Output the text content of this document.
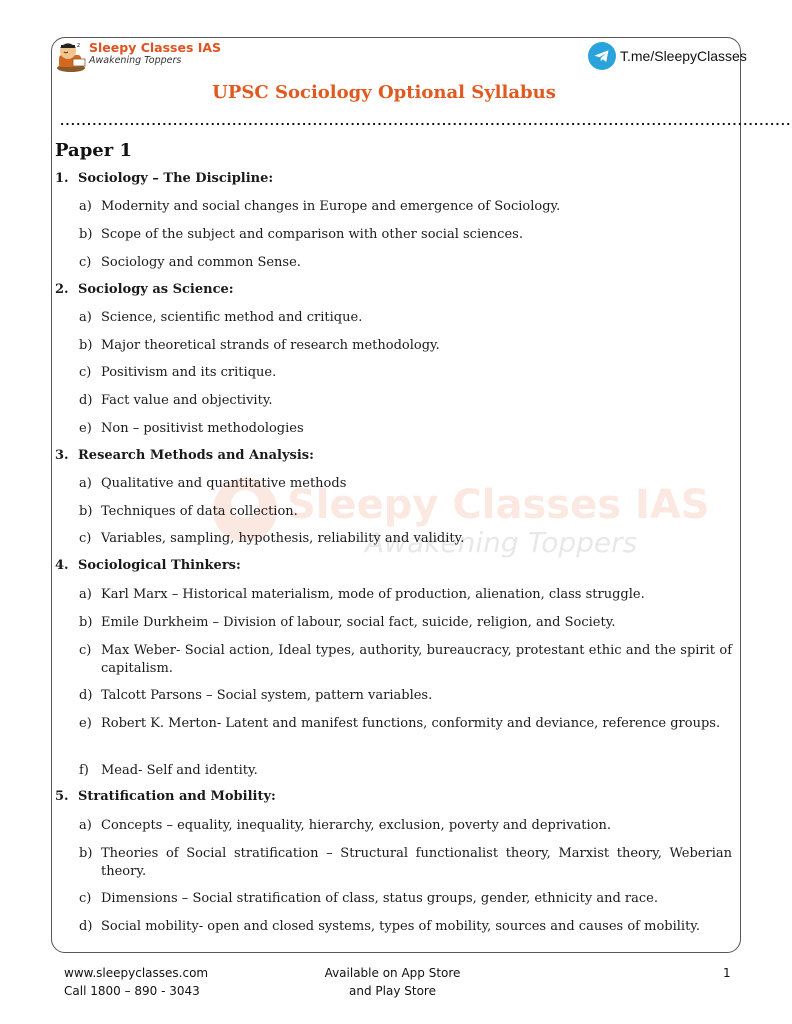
Sleepy Classes IAS
Awakening Toppers
z Sleepy Classes IAS
Awakening Toppers	T.me/SleepyClasses
UPSC Sociology Optional Syllabus
........................................................................................................................................
Paper 1
1. Sociology – The Discipline:
a) Modernity and social changes in Europe and emergence of Sociology.
b) Scope of the subject and comparison with other social sciences.
c) Sociology and common Sense.
2. Sociology as Science:
a) Science, scientific method and critique.
b) Major theoretical strands of research methodology.
c) Positivism and its critique.
d) Fact value and objectivity.
e) Non – positivist methodologies
3. Research Methods and Analysis:
a) Qualitative and quantitative methods
b) Techniques of data collection.
c) Variables, sampling, hypothesis, reliability and validity.
4. Sociological Thinkers:
a) Karl Marx – Historical materialism, mode of production, alienation, class struggle.
b) Emile Durkheim – Division of labour, social fact, suicide, religion, and Society.
c) Max Weber- Social action, Ideal types, authority, bureaucracy, protestant ethic and the spirit of capitalism.
d) Talcott Parsons – Social system, pattern variables.
e) Robert K. Merton- Latent and manifest functions, conformity and deviance, reference groups.
f) Mead- Self and identity.
5. Stratification and Mobility:
a) Concepts – equality, inequality, hierarchy, exclusion, poverty and deprivation.
b) Theories of Social stratification – Structural functionalist theory, Marxist theory, Weberian theory.
c) Dimensions – Social stratification of class, status groups, gender, ethnicity and race.
d) Social mobility- open and closed systems, types of mobility, sources and causes of mobility.
www.sleepyclasses.com
Call 1800 – 890 - 3043
Available on App Store
and Play Store
1
